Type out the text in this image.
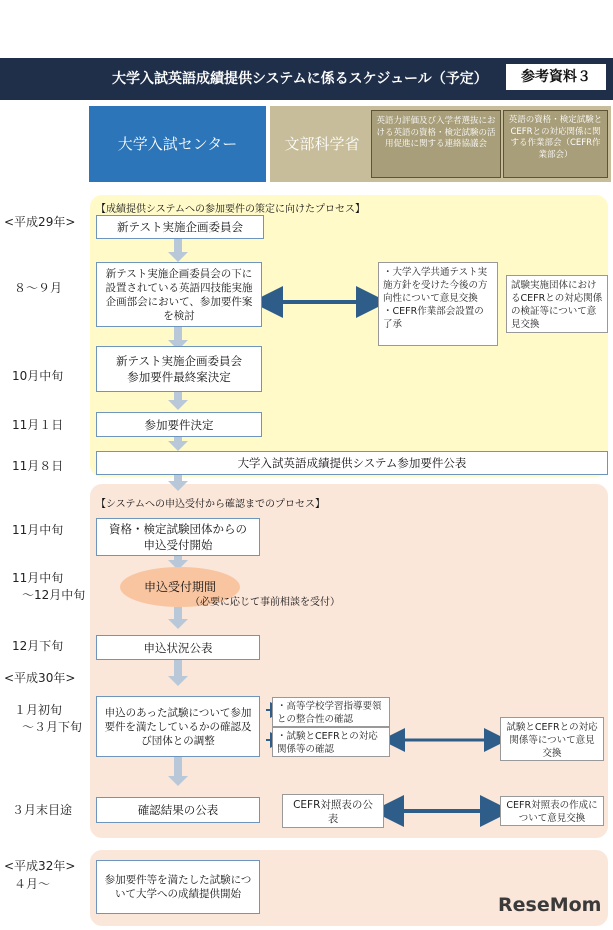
大学入試英語成績提供システムに係るスケジュール（予定）	参考資料３
大学入試センター	文部科学省
英語力評価及び入学者選抜における英語の資格・検定試験の活用促進に関する連絡協議会
英語の資格・検定試験とCEFRとの対応関係に関する作業部会（CEFR作業部会）
【成績提供システムへの参加要件の策定に向けたプロセス】
【システムへの申込受付から確認までのプロセス】
<平成29年>
８～９月
10月中旬
11月１日
11月８日
11月中旬
11月中旬
～12月中旬
12月下旬
<平成30年>
１月初旬
～３月下旬
３月末目途
<平成32年>
４月～
新テスト実施企画委員会
新テスト実施企画委員会の下に設置されている英語四技能実施企画部会において、参加要件案を検討
新テスト実施企画委員会
参加要件最終案決定
参加要件決定
大学入試英語成績提供システム参加要件公表
資格・検定試験団体からの
申込受付開始
申込受付期間
（必要に応じて事前相談を受付）
申込状況公表
申込のあった試験について参加要件を満たしているかの確認及び団体との調整
確認結果の公表
参加要件等を満たした試験について大学への成績提供開始
・大学入学共通テスト実施方針を受けた今後の方向性について意見交換
・CEFR作業部会設置の了承
試験実施団体におけるCEFRとの対応関係の検証等について意見交換
・高等学校学習指導要領との整合性の確認
・試験とCEFRとの対応関係等の確認
試験とCEFRとの対応関係等について意見交換
CEFR対照表の公表
CEFR対照表の作成について意見交換
ReseMom
